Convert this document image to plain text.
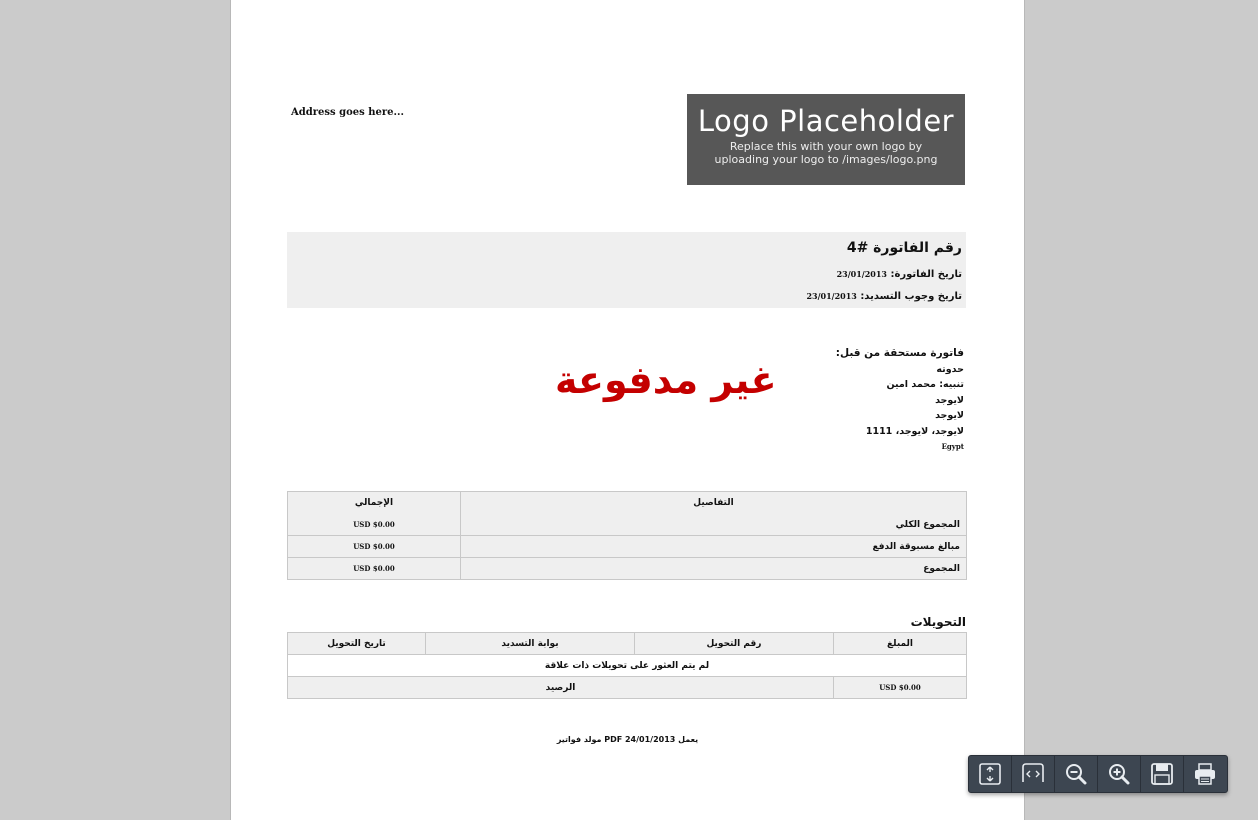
Address goes here...	Logo Placeholder
Replace this with your own logo by
uploading your logo to /images/logo.png
رقم الفاتورة #4
تاريخ الفاتورة: 23/01/2013
تاريخ وجوب التسديد: 23/01/2013
غير مدفوعة
فاتورة مستحقة من قبل:
حدوته
تنبيه: محمد امين
لايوجد
لايوجد
لايوجد، لايوجد، 1111
Egypt
التفاصيل	الإجمالي
المجموع الكلي	$0.00 USD
مبالغ مسبوقة الدفع	$0.00 USD
المجموع	$0.00 USD
التحويلات
المبلغ	رقم التحويل	بوابة التسديد	تاريخ التحويل
لم يتم العثور على تحويلات ذات علاقة			
$0.00 USD	الرصيد		
مولد فواتير PDF يعمل 24/01/2013
